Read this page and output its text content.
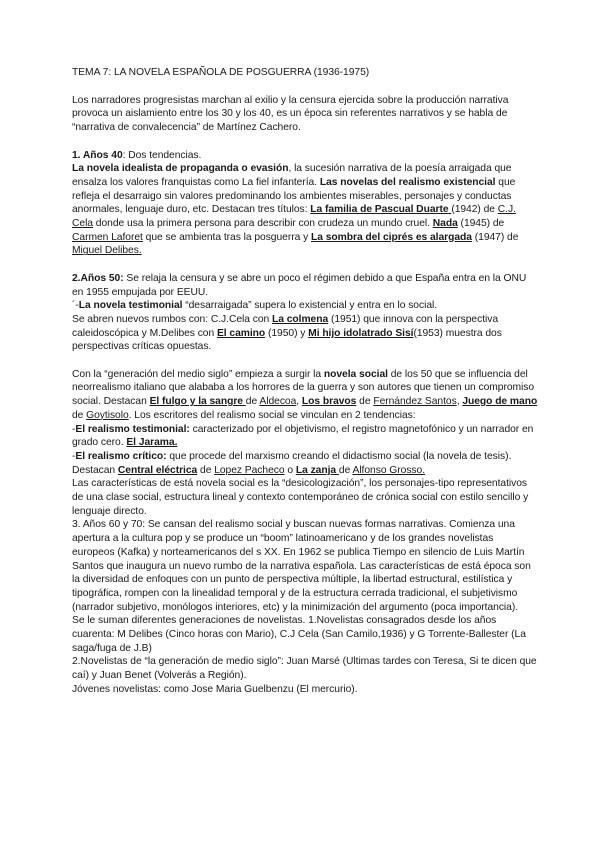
TEMA 7: LA NOVELA ESPAÑOLA DE POSGUERRA (1936-1975)

Los narradores progresistas marchan al exilio y la censura ejercida sobre la producción narrativa provoca un aislamiento entre los 30 y los 40, es un época sin referentes narrativos y se habla de “narrativa de convalecencia” de Martínez Cachero.

1. Años 40: Dos tendencias.

La novela idealista de propaganda o evasión, la sucesión narrativa de la poesía arraigada que ensalza los valores franquistas como La fiel infantería. Las novelas del realismo existencial que refleja el desarraigo sin valores predominando los ambientes miserables, personajes y conductas anormales, lenguaje duro, etc. Destacan tres títulos: La familia de Pascual Duarte (1942) de C.J. Cela donde usa la primera persona para describir con crudeza un mundo cruel. Nada (1945) de Carmen Laforet que se ambienta tras la posguerra y La sombra del ciprés es alargada (1947) de Miguel Delibes.

2.Años 50: Se relaja la censura y se abre un poco el régimen debido a que España entra en la ONU en 1955 empujada por EEUU.

´-La novela testimonial “desarraigada” supera lo existencial y entra en lo social.

Se abren nuevos rumbos con: C.J.Cela con La colmena (1951) que innova con la perspectiva caleidoscópica y M.Delibes con El camino (1950) y Mi hijo idolatrado Sisí(1953) muestra dos perspectivas críticas opuestas.

Con la “generación del medio siglo” empieza a surgir la novela social de los 50 que se influencia del neorrealismo italiano que alababa a los horrores de la guerra y son autores que tienen un compromiso social. Destacan El fulgo y la sangre de Aldecoa, Los bravos de Fernández Santos, Juego de mano de Goytisolo. Los escritores del realismo social se vinculan en 2 tendencias:

-El realismo testimonial: caracterizado por el objetivismo, el registro magnetofónico y un narrador en grado cero. El Jarama.

-El realismo crítico: que procede del marxismo creando el didactismo social (la novela de tesis). Destacan Central eléctrica de Lopez Pacheco o La zanja de Alfonso Grosso.

Las características de está novela social es la “desicologización”, los personajes-tipo representativos de una clase social, estructura lineal y contexto contemporáneo de crónica social con estilo sencillo y lenguaje directo.

3. Años 60 y 70: Se cansan del realismo social y buscan nuevas formas narrativas. Comienza una apertura a la cultura pop y se produce un “boom” latinoamericano y de los grandes novelistas europeos (Kafka) y norteamericanos del s XX. En 1962 se publica Tiempo en silencio de Luis Martín Santos que inaugura un nuevo rumbo de la narrativa española. Las características de está época son la diversidad de enfoques con un punto de perspectiva múltiple, la libertad estructural, estilística y tipográfica, rompen con la linealidad temporal y de la estructura cerrada tradicional, el subjetivismo (narrador subjetivo, monólogos interiores, etc) y la minimización del argumento (poca importancia).

Se le suman diferentes generaciones de novelistas. 1.Novelistas consagrados desde los años cuarenta: M Delibes (Cinco horas con Mario), C.J Cela (San Camilo,1936) y G Torrente-Ballester (La saga/fuga de J.B)

2.Novelistas de “la generación de medio siglo”: Juan Marsé (Ultimas tardes con Teresa, Si te dicen que caí) y Juan Benet (Volverás a Región).

Jóvenes novelistas: como Jose Maria Guelbenzu (El mercurio).
